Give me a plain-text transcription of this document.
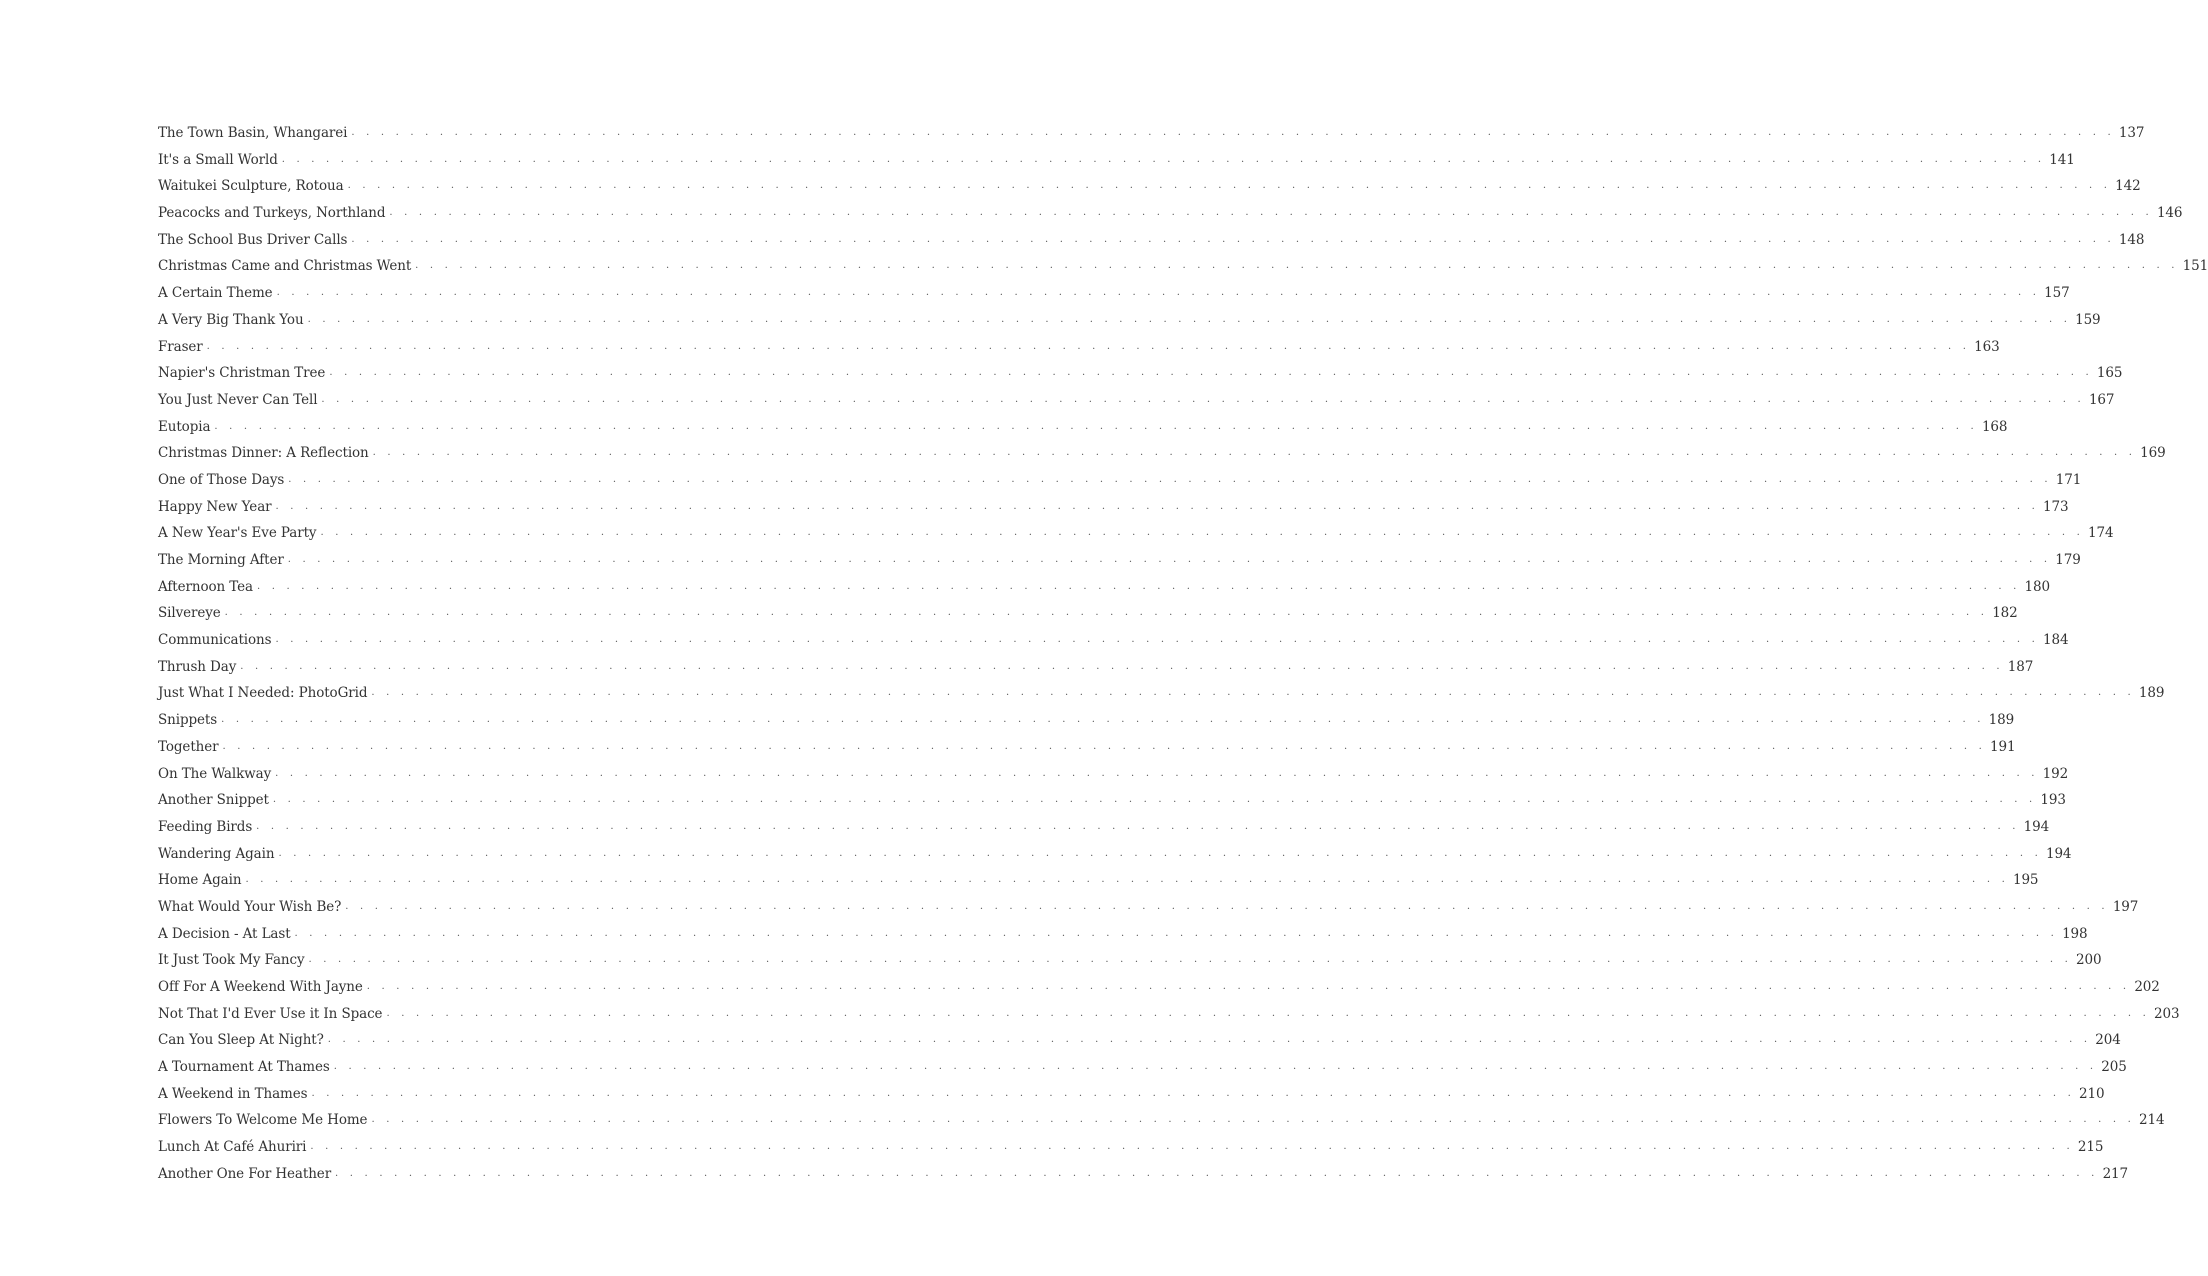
The Town Basin, Whangarei . . . . . . . . . . . . . . . . . . . . . . . . . . . . . . . . . . . . . . . . . . . . . . . . . . . . . . . . . . . . . . . . . . . . . . . . . . . . . . . . . . . . . . . . . . . . . . . . . . . . . . . . . . . . . . . . . . . . . . . . 137
It's a Small World . . . . . . . . . . . . . . . . . . . . . . . . . . . . . . . . . . . . . . . . . . . . . . . . . . . . . . . . . . . . . . . . . . . . . . . . . . . . . . . . . . . . . . . . . . . . . . . . . . . . . . . . . . . . . . . . . . . . . . . . 141
Waitukei Sculpture, Rotoua . . . . . . . . . . . . . . . . . . . . . . . . . . . . . . . . . . . . . . . . . . . . . . . . . . . . . . . . . . . . . . . . . . . . . . . . . . . . . . . . . . . . . . . . . . . . . . . . . . . . . . . . . . . . . . . . . . . . . . . . 142
Peacocks and Turkeys, Northland . . . . . . . . . . . . . . . . . . . . . . . . . . . . . . . . . . . . . . . . . . . . . . . . . . . . . . . . . . . . . . . . . . . . . . . . . . . . . . . . . . . . . . . . . . . . . . . . . . . . . . . . . . . . . . . . . . . . . . . . 146
The School Bus Driver Calls . . . . . . . . . . . . . . . . . . . . . . . . . . . . . . . . . . . . . . . . . . . . . . . . . . . . . . . . . . . . . . . . . . . . . . . . . . . . . . . . . . . . . . . . . . . . . . . . . . . . . . . . . . . . . . . . . . . . . . . . 148
Christmas Came and Christmas Went . . . . . . . . . . . . . . . . . . . . . . . . . . . . . . . . . . . . . . . . . . . . . . . . . . . . . . . . . . . . . . . . . . . . . . . . . . . . . . . . . . . . . . . . . . . . . . . . . . . . . . . . . . . . . . . . . . . . . . . . 151
A Certain Theme . . . . . . . . . . . . . . . . . . . . . . . . . . . . . . . . . . . . . . . . . . . . . . . . . . . . . . . . . . . . . . . . . . . . . . . . . . . . . . . . . . . . . . . . . . . . . . . . . . . . . . . . . . . . . . . . . . . . . . . . 157
A Very Big Thank You . . . . . . . . . . . . . . . . . . . . . . . . . . . . . . . . . . . . . . . . . . . . . . . . . . . . . . . . . . . . . . . . . . . . . . . . . . . . . . . . . . . . . . . . . . . . . . . . . . . . . . . . . . . . . . . . . . . . . . . . 159
Fraser . . . . . . . . . . . . . . . . . . . . . . . . . . . . . . . . . . . . . . . . . . . . . . . . . . . . . . . . . . . . . . . . . . . . . . . . . . . . . . . . . . . . . . . . . . . . . . . . . . . . . . . . . . . . . . . . . . . . . . . . 163
Napier's Christman Tree . . . . . . . . . . . . . . . . . . . . . . . . . . . . . . . . . . . . . . . . . . . . . . . . . . . . . . . . . . . . . . . . . . . . . . . . . . . . . . . . . . . . . . . . . . . . . . . . . . . . . . . . . . . . . . . . . . . . . . . . 165
You Just Never Can Tell . . . . . . . . . . . . . . . . . . . . . . . . . . . . . . . . . . . . . . . . . . . . . . . . . . . . . . . . . . . . . . . . . . . . . . . . . . . . . . . . . . . . . . . . . . . . . . . . . . . . . . . . . . . . . . . . . . . . . . . . 167
Eutopia . . . . . . . . . . . . . . . . . . . . . . . . . . . . . . . . . . . . . . . . . . . . . . . . . . . . . . . . . . . . . . . . . . . . . . . . . . . . . . . . . . . . . . . . . . . . . . . . . . . . . . . . . . . . . . . . . . . . . . . . 168
Christmas Dinner: A Reflection . . . . . . . . . . . . . . . . . . . . . . . . . . . . . . . . . . . . . . . . . . . . . . . . . . . . . . . . . . . . . . . . . . . . . . . . . . . . . . . . . . . . . . . . . . . . . . . . . . . . . . . . . . . . . . . . . . . . . . . . 169
One of Those Days . . . . . . . . . . . . . . . . . . . . . . . . . . . . . . . . . . . . . . . . . . . . . . . . . . . . . . . . . . . . . . . . . . . . . . . . . . . . . . . . . . . . . . . . . . . . . . . . . . . . . . . . . . . . . . . . . . . . . . . . 171
Happy New Year . . . . . . . . . . . . . . . . . . . . . . . . . . . . . . . . . . . . . . . . . . . . . . . . . . . . . . . . . . . . . . . . . . . . . . . . . . . . . . . . . . . . . . . . . . . . . . . . . . . . . . . . . . . . . . . . . . . . . . . . 173
A New Year's Eve Party . . . . . . . . . . . . . . . . . . . . . . . . . . . . . . . . . . . . . . . . . . . . . . . . . . . . . . . . . . . . . . . . . . . . . . . . . . . . . . . . . . . . . . . . . . . . . . . . . . . . . . . . . . . . . . . . . . . . . . . . 174
The Morning After . . . . . . . . . . . . . . . . . . . . . . . . . . . . . . . . . . . . . . . . . . . . . . . . . . . . . . . . . . . . . . . . . . . . . . . . . . . . . . . . . . . . . . . . . . . . . . . . . . . . . . . . . . . . . . . . . . . . . . . . 179
Afternoon Tea . . . . . . . . . . . . . . . . . . . . . . . . . . . . . . . . . . . . . . . . . . . . . . . . . . . . . . . . . . . . . . . . . . . . . . . . . . . . . . . . . . . . . . . . . . . . . . . . . . . . . . . . . . . . . . . . . . . . . . . . 180
Silvereye . . . . . . . . . . . . . . . . . . . . . . . . . . . . . . . . . . . . . . . . . . . . . . . . . . . . . . . . . . . . . . . . . . . . . . . . . . . . . . . . . . . . . . . . . . . . . . . . . . . . . . . . . . . . . . . . . . . . . . . . 182
Communications . . . . . . . . . . . . . . . . . . . . . . . . . . . . . . . . . . . . . . . . . . . . . . . . . . . . . . . . . . . . . . . . . . . . . . . . . . . . . . . . . . . . . . . . . . . . . . . . . . . . . . . . . . . . . . . . . . . . . . . . 184
Thrush Day . . . . . . . . . . . . . . . . . . . . . . . . . . . . . . . . . . . . . . . . . . . . . . . . . . . . . . . . . . . . . . . . . . . . . . . . . . . . . . . . . . . . . . . . . . . . . . . . . . . . . . . . . . . . . . . . . . . . . . . . 187
Just What I Needed: PhotoGrid . . . . . . . . . . . . . . . . . . . . . . . . . . . . . . . . . . . . . . . . . . . . . . . . . . . . . . . . . . . . . . . . . . . . . . . . . . . . . . . . . . . . . . . . . . . . . . . . . . . . . . . . . . . . . . . . . . . . . . . . 189
Snippets . . . . . . . . . . . . . . . . . . . . . . . . . . . . . . . . . . . . . . . . . . . . . . . . . . . . . . . . . . . . . . . . . . . . . . . . . . . . . . . . . . . . . . . . . . . . . . . . . . . . . . . . . . . . . . . . . . . . . . . . 189
Together . . . . . . . . . . . . . . . . . . . . . . . . . . . . . . . . . . . . . . . . . . . . . . . . . . . . . . . . . . . . . . . . . . . . . . . . . . . . . . . . . . . . . . . . . . . . . . . . . . . . . . . . . . . . . . . . . . . . . . . . 191
On The Walkway . . . . . . . . . . . . . . . . . . . . . . . . . . . . . . . . . . . . . . . . . . . . . . . . . . . . . . . . . . . . . . . . . . . . . . . . . . . . . . . . . . . . . . . . . . . . . . . . . . . . . . . . . . . . . . . . . . . . . . . . 192
Another Snippet . . . . . . . . . . . . . . . . . . . . . . . . . . . . . . . . . . . . . . . . . . . . . . . . . . . . . . . . . . . . . . . . . . . . . . . . . . . . . . . . . . . . . . . . . . . . . . . . . . . . . . . . . . . . . . . . . . . . . . . . 193
Feeding Birds . . . . . . . . . . . . . . . . . . . . . . . . . . . . . . . . . . . . . . . . . . . . . . . . . . . . . . . . . . . . . . . . . . . . . . . . . . . . . . . . . . . . . . . . . . . . . . . . . . . . . . . . . . . . . . . . . . . . . . . . 194
Wandering Again . . . . . . . . . . . . . . . . . . . . . . . . . . . . . . . . . . . . . . . . . . . . . . . . . . . . . . . . . . . . . . . . . . . . . . . . . . . . . . . . . . . . . . . . . . . . . . . . . . . . . . . . . . . . . . . . . . . . . . . . 194
Home Again . . . . . . . . . . . . . . . . . . . . . . . . . . . . . . . . . . . . . . . . . . . . . . . . . . . . . . . . . . . . . . . . . . . . . . . . . . . . . . . . . . . . . . . . . . . . . . . . . . . . . . . . . . . . . . . . . . . . . . . . 195
What Would Your Wish Be? . . . . . . . . . . . . . . . . . . . . . . . . . . . . . . . . . . . . . . . . . . . . . . . . . . . . . . . . . . . . . . . . . . . . . . . . . . . . . . . . . . . . . . . . . . . . . . . . . . . . . . . . . . . . . . . . . . . . . . . . 197
A Decision - At Last . . . . . . . . . . . . . . . . . . . . . . . . . . . . . . . . . . . . . . . . . . . . . . . . . . . . . . . . . . . . . . . . . . . . . . . . . . . . . . . . . . . . . . . . . . . . . . . . . . . . . . . . . . . . . . . . . . . . . . . . 198
It Just Took My Fancy . . . . . . . . . . . . . . . . . . . . . . . . . . . . . . . . . . . . . . . . . . . . . . . . . . . . . . . . . . . . . . . . . . . . . . . . . . . . . . . . . . . . . . . . . . . . . . . . . . . . . . . . . . . . . . . . . . . . . . . . 200
Off For A Weekend With Jayne . . . . . . . . . . . . . . . . . . . . . . . . . . . . . . . . . . . . . . . . . . . . . . . . . . . . . . . . . . . . . . . . . . . . . . . . . . . . . . . . . . . . . . . . . . . . . . . . . . . . . . . . . . . . . . . . . . . . . . . . 202
Not That I'd Ever Use it In Space . . . . . . . . . . . . . . . . . . . . . . . . . . . . . . . . . . . . . . . . . . . . . . . . . . . . . . . . . . . . . . . . . . . . . . . . . . . . . . . . . . . . . . . . . . . . . . . . . . . . . . . . . . . . . . . . . . . . . . . . 203
Can You Sleep At Night? . . . . . . . . . . . . . . . . . . . . . . . . . . . . . . . . . . . . . . . . . . . . . . . . . . . . . . . . . . . . . . . . . . . . . . . . . . . . . . . . . . . . . . . . . . . . . . . . . . . . . . . . . . . . . . . . . . . . . . . . 204
A Tournament At Thames . . . . . . . . . . . . . . . . . . . . . . . . . . . . . . . . . . . . . . . . . . . . . . . . . . . . . . . . . . . . . . . . . . . . . . . . . . . . . . . . . . . . . . . . . . . . . . . . . . . . . . . . . . . . . . . . . . . . . . . . 205
A Weekend in Thames . . . . . . . . . . . . . . . . . . . . . . . . . . . . . . . . . . . . . . . . . . . . . . . . . . . . . . . . . . . . . . . . . . . . . . . . . . . . . . . . . . . . . . . . . . . . . . . . . . . . . . . . . . . . . . . . . . . . . . . . 210
Flowers To Welcome Me Home . . . . . . . . . . . . . . . . . . . . . . . . . . . . . . . . . . . . . . . . . . . . . . . . . . . . . . . . . . . . . . . . . . . . . . . . . . . . . . . . . . . . . . . . . . . . . . . . . . . . . . . . . . . . . . . . . . . . . . . . 214
Lunch At Café Ahuriri . . . . . . . . . . . . . . . . . . . . . . . . . . . . . . . . . . . . . . . . . . . . . . . . . . . . . . . . . . . . . . . . . . . . . . . . . . . . . . . . . . . . . . . . . . . . . . . . . . . . . . . . . . . . . . . . . . . . . . . . 215
Another One For Heather . . . . . . . . . . . . . . . . . . . . . . . . . . . . . . . . . . . . . . . . . . . . . . . . . . . . . . . . . . . . . . . . . . . . . . . . . . . . . . . . . . . . . . . . . . . . . . . . . . . . . . . . . . . . . . . . . . . . . . . . 217
